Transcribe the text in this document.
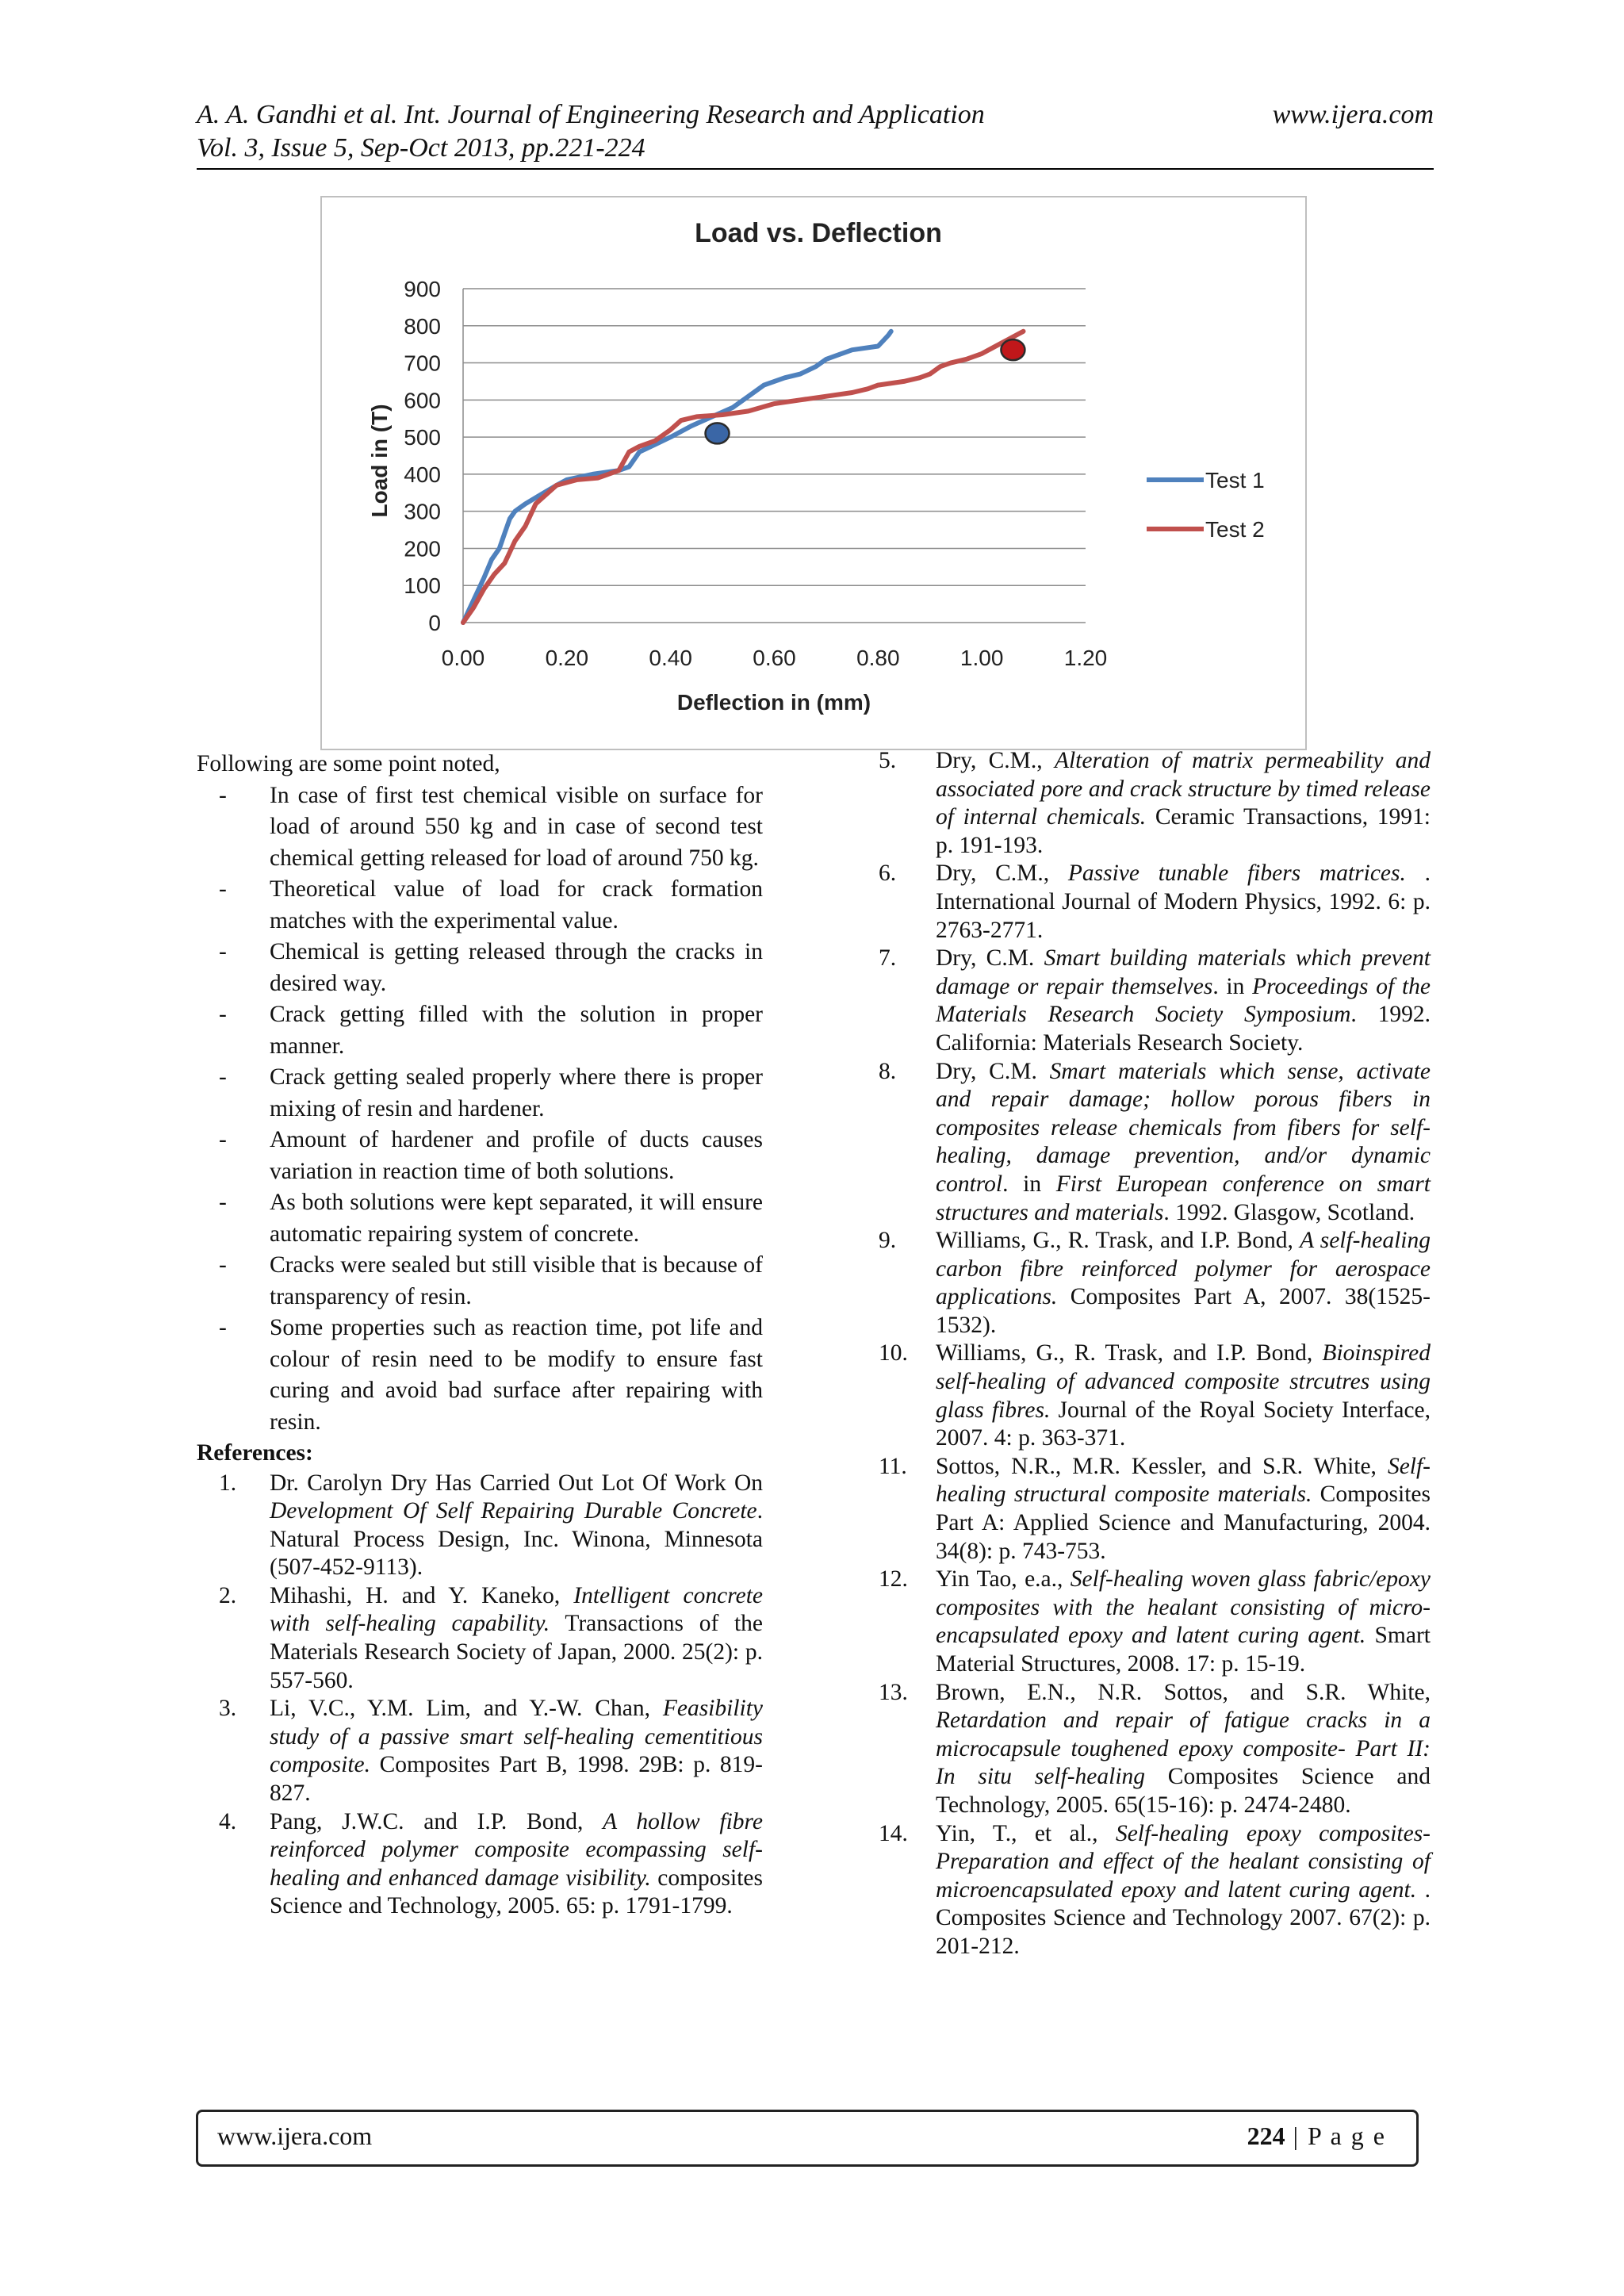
A. A. Gandhi et al. Int. Journal of Engineering Research and Application	www.ijera.com
Vol. 3, Issue 5, Sep-Oct 2013, pp.221-224
Load vs. Deflection
0
100
200
300
400
500
600
700
800
900
0.00	0.20	0.40	0.60	0.80	1.00	1.20
Deflection in (mm)
Load in (T)	Test 1
Test 2
Following are some point noted,
- In case of first test chemical visible on surface for load of around 550 kg and in case of second test chemical getting released for load of around 750 kg.
- Theoretical value of load for crack formation matches with the experimental value.
- Chemical is getting released through the cracks in desired way.
- Crack getting filled with the solution in proper manner.
- Crack getting sealed properly where there is proper mixing of resin and hardener.
- Amount of hardener and profile of ducts causes variation in reaction time of both solutions.
- As both solutions were kept separated, it will ensure automatic repairing system of concrete.
- Cracks were sealed but still visible that is because of transparency of resin.
- Some properties such as reaction time, pot life and colour of resin need to be modify to ensure fast curing and avoid bad surface after repairing with resin.
References:
1. Dr. Carolyn Dry Has Carried Out Lot Of Work On Development Of Self Repairing Durable Concrete. Natural Process Design, Inc. Winona, Minnesota (507-452-9113).
2. Mihashi, H. and Y. Kaneko, Intelligent concrete with self-healing capability. Transactions of the Materials Research Society of Japan, 2000. 25(2): p. 557-560.
3. Li, V.C., Y.M. Lim, and Y.-W. Chan, Feasibility study of a passive smart self-healing cementitious composite. Composites Part B, 1998. 29B: p. 819-827.
4. Pang, J.W.C. and I.P. Bond, A hollow fibre reinforced polymer composite ecompassing self-healing and enhanced damage visibility. composites Science and Technology, 2005. 65: p. 1791-1799.
5. Dry, C.M., Alteration of matrix permeability and associated pore and crack structure by timed release of internal chemicals. Ceramic Transactions, 1991: p. 191-193.
6. Dry, C.M., Passive tunable fibers matrices. . International Journal of Modern Physics, 1992. 6: p. 2763-2771.
7. Dry, C.M. Smart building materials which prevent damage or repair themselves. in Proceedings of the Materials Research Society Symposium. 1992. California: Materials Research Society.
8. Dry, C.M. Smart materials which sense, activate and repair damage; hollow porous fibers in composites release chemicals from fibers for self-healing, damage prevention, and/or dynamic control. in First European conference on smart structures and materials. 1992. Glasgow, Scotland.
9. Williams, G., R. Trask, and I.P. Bond, A self-healing carbon fibre reinforced polymer for aerospace applications. Composites Part A, 2007. 38(1525-1532).
10. Williams, G., R. Trask, and I.P. Bond, Bioinspired self-healing of advanced composite strcutres using glass fibres. Journal of the Royal Society Interface, 2007. 4: p. 363-371.
11. Sottos, N.R., M.R. Kessler, and S.R. White, Self-healing structural composite materials. Composites Part A: Applied Science and Manufacturing, 2004. 34(8): p. 743-753.
12. Yin Tao, e.a., Self-healing woven glass fabric/epoxy composites with the healant consisting of micro-encapsulated epoxy and latent curing agent. Smart Material Structures, 2008. 17: p. 15-19.
13. Brown, E.N., N.R. Sottos, and S.R. White, Retardation and repair of fatigue cracks in a microcapsule toughened epoxy composite- Part II: In situ self-healing Composites Science and Technology, 2005. 65(15-16): p. 2474-2480.
14. Yin, T., et al., Self-healing epoxy composites- Preparation and effect of the healant consisting of microencapsulated epoxy and latent curing agent. . Composites Science and Technology 2007. 67(2): p. 201-212.
www.ijera.com	224 | P a g e
